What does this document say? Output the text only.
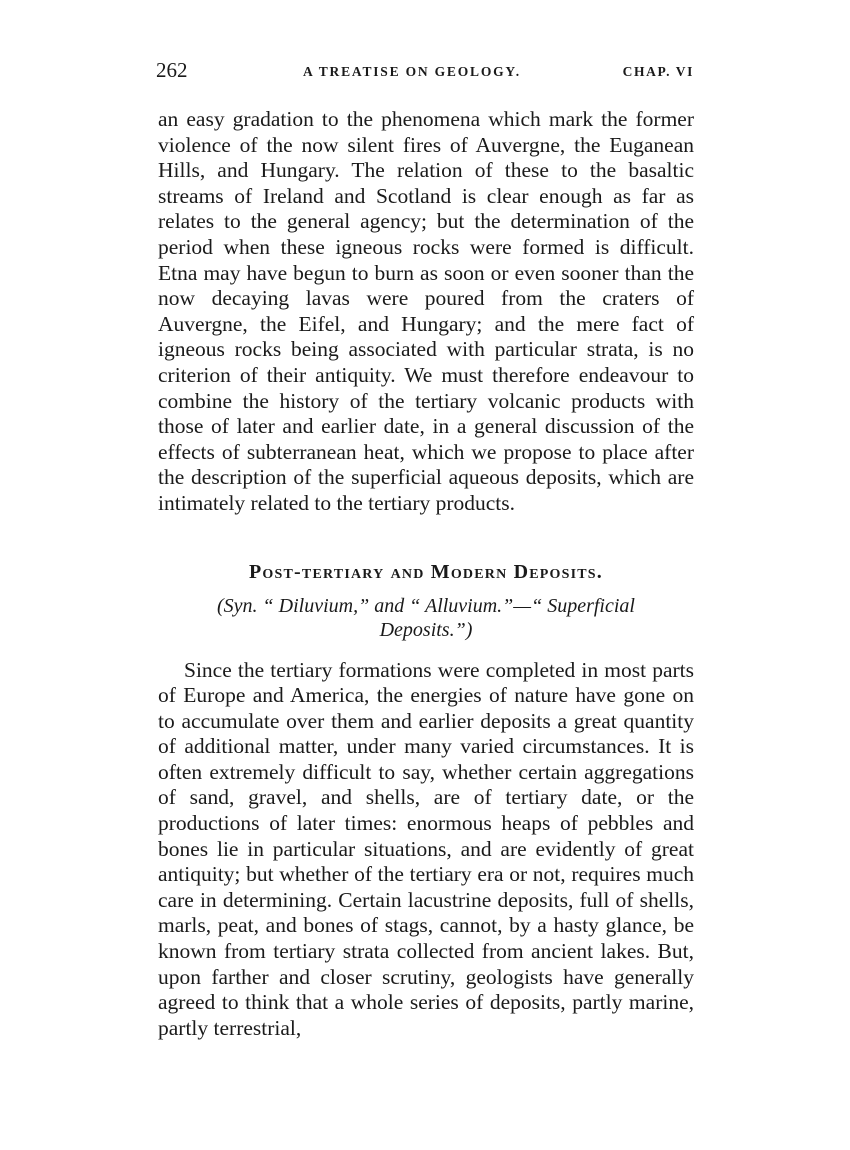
262	A TREATISE ON GEOLOGY.	CHAP. VI

an easy gradation to the phenomena which mark the former violence of the now silent fires of Auvergne, the Euganean Hills, and Hungary. The relation of these to the basaltic streams of Ireland and Scotland is clear enough as far as relates to the general agency; but the determination of the period when these igneous rocks were formed is difficult. Etna may have begun to burn as soon or even sooner than the now decaying lavas were poured from the craters of Auvergne, the Eifel, and Hungary; and the mere fact of igneous rocks being associated with particular strata, is no criterion of their antiquity. We must therefore endeavour to combine the history of the tertiary volcanic products with those of later and earlier date, in a general discussion of the effects of subterranean heat, which we propose to place after the description of the superficial aqueous deposits, which are intimately related to the tertiary products.

Post-tertiary and Modern Deposits.

(Syn. “ Diluvium,” and “ Alluvium.”—“ Superficial Deposits.”)

Since the tertiary formations were completed in most parts of Europe and America, the energies of nature have gone on to accumulate over them and earlier deposits a great quantity of additional matter, under many varied circumstances. It is often extremely difficult to say, whether certain aggregations of sand, gravel, and shells, are of tertiary date, or the productions of later times: enormous heaps of pebbles and bones lie in particular situations, and are evidently of great antiquity; but whether of the tertiary era or not, requires much care in determining. Certain lacustrine deposits, full of shells, marls, peat, and bones of stags, cannot, by a hasty glance, be known from tertiary strata collected from ancient lakes. But, upon farther and closer scrutiny, geologists have generally agreed to think that a whole series of deposits, partly marine, partly terrestrial,
